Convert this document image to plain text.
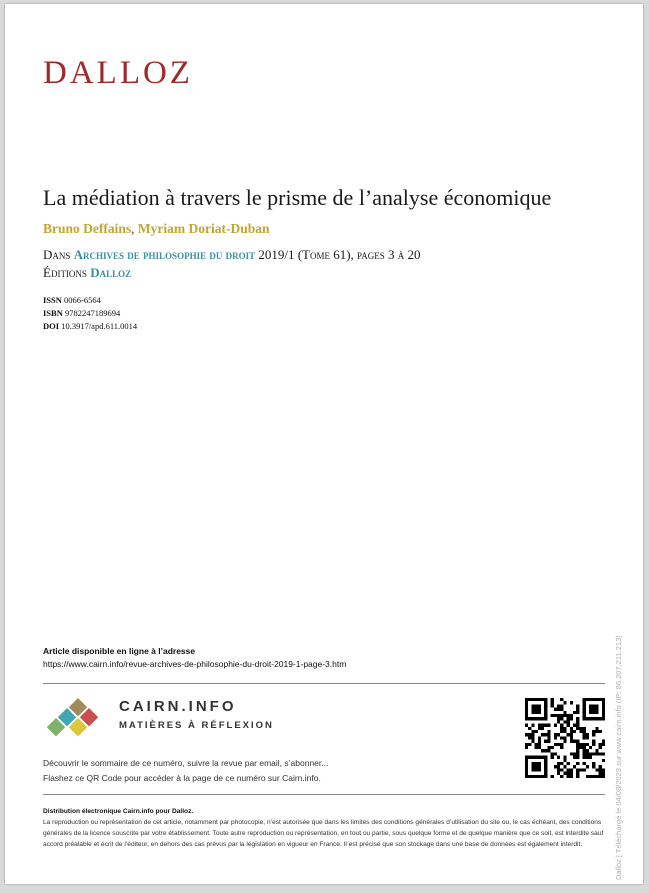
DALLOZ
La médiation à travers le prisme de l’analyse économique
Bruno Deffains, Myriam Doriat-Duban
Dans Archives de philosophie du droit 2019/1 (Tome 61), pages 3 à 20
Éditions Dalloz
ISSN 0066-6564
ISBN 9782247189694
DOI 10.3917/apd.611.0014
Article disponible en ligne à l’adresse
https://www.cairn.info/revue-archives-de-philosophie-du-droit-2019-1-page-3.htm
CAIRN.INFO
MATIÈRES À RÉFLEXION
Découvrir le sommaire de ce numéro, suivre la revue par email, s’abonner...
Flashez ce QR Code pour accéder à la page de ce numéro sur Cairn.info.
Distribution électronique Cairn.info pour Dalloz.
La reproduction ou représentation de cet article, notamment par photocopie, n’est autorisée que dans les limites des conditions générales d’utilisation du site ou, le cas échéant, des conditions générales de la licence souscrite par votre établissement. Toute autre reproduction ou représentation, en tout ou partie, sous quelque forme et de quelque manière que ce soit, est interdite sauf accord préalable et écrit de l’éditeur, en dehors des cas prévus par la législation en vigueur en France. Il est précisé que son stockage dans une base de données est également interdit.	Dalloz | Téléchargé le 04/08/2023 sur www.cairn.info (IP: 86.207.211.213)
